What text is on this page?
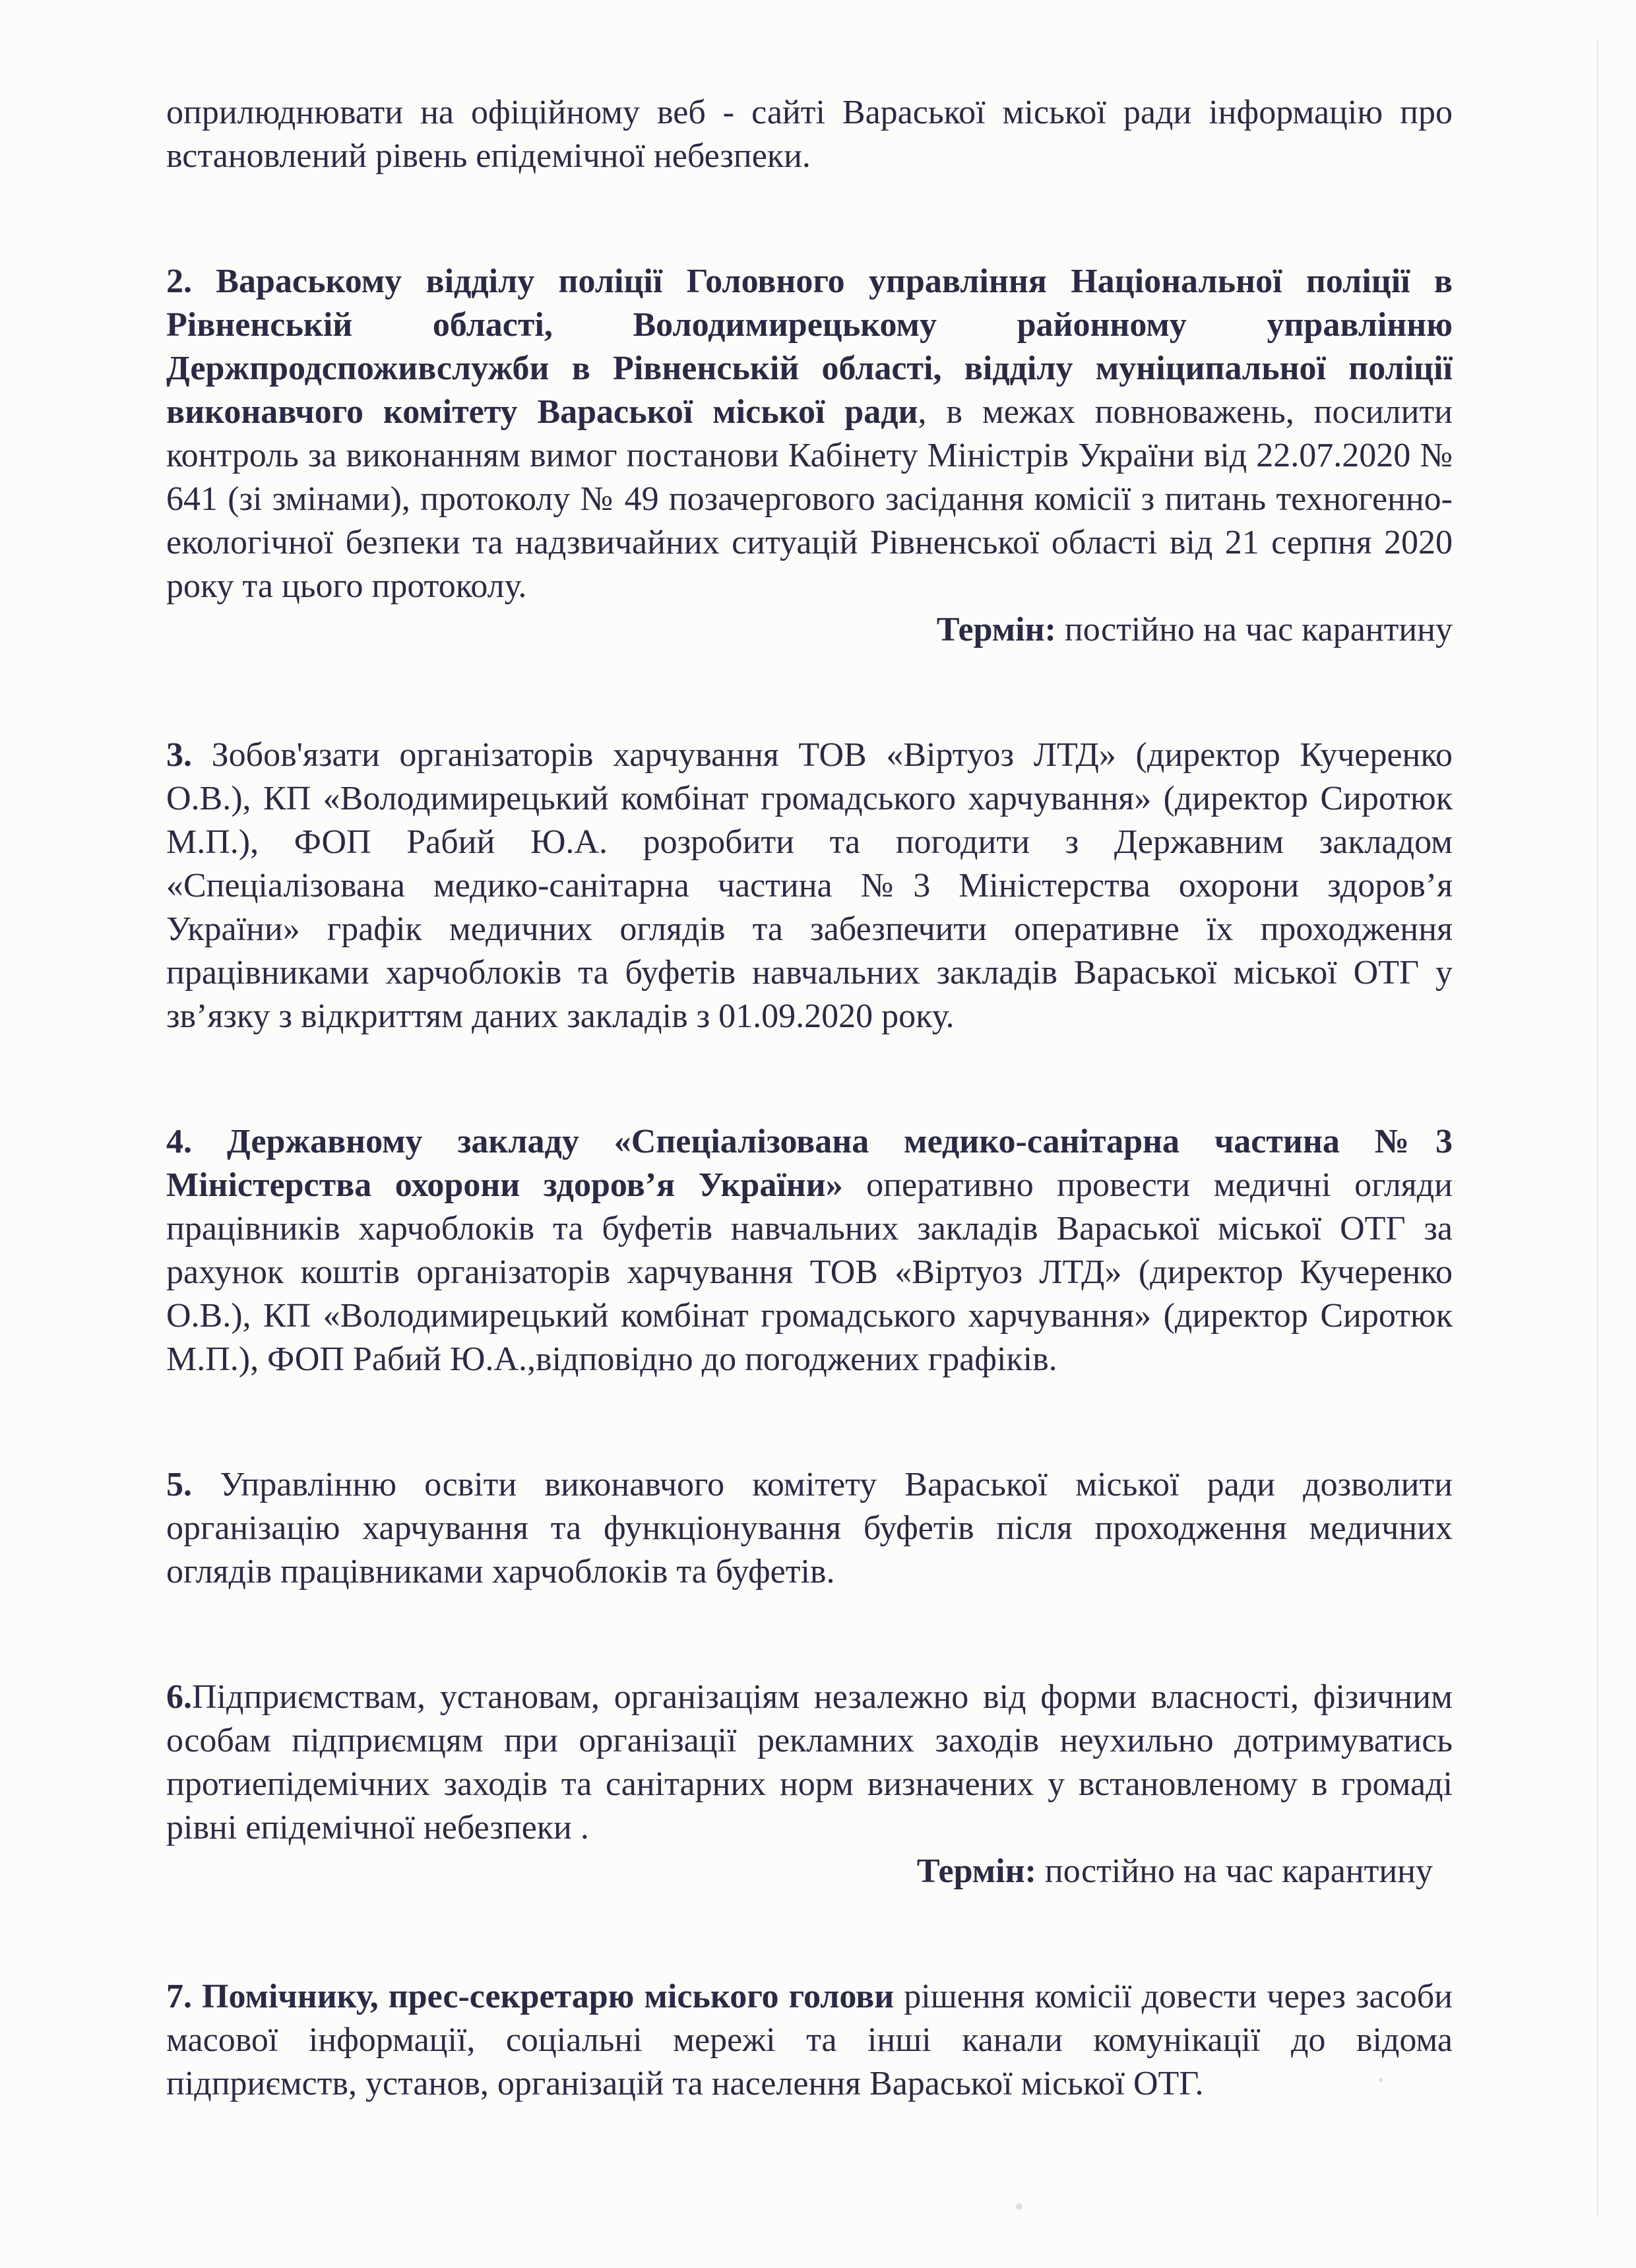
оприлюднювати на офіційному веб - сайті Вараської міської ради інформацію про встановлений рівень епідемічної небезпеки.

2. Вараському відділу поліції Головного управління Національної поліції в Рівненській області, Володимирецькому районному управлінню Держпродспоживслужби в Рівненській області, відділу муніципальної поліції виконавчого комітету Вараської міської ради, в межах повноважень, посилити контроль за виконанням вимог постанови Кабінету Міністрів України від 22.07.2020 № 641 (зі змінами), протоколу № 49 позачергового засідання комісії з питань техногенно-екологічної безпеки та надзвичайних ситуацій Рівненської області від 21 серпня 2020 року та цього протоколу.

Термін: постійно на час карантину

3. Зобов'язати організаторів харчування ТОВ «Віртуоз ЛТД» (директор Кучеренко О.В.), КП «Володимирецький комбінат громадського харчування» (директор Сиротюк М.П.), ФОП Рабий Ю.А. розробити та погодити з Державним закладом «Спеціалізована медико-санітарна частина №3 Міністерства охорони здоров’я України» графік медичних оглядів та забезпечити оперативне їх проходження працівниками харчоблоків та буфетів навчальних закладів Вараської міської ОТГ у зв’язку з відкриттям даних закладів з 01.09.2020 року.

4. Державному закладу «Спеціалізована медико-санітарна частина №3 Міністерства охорони здоров’я України» оперативно провести медичні огляди працівників харчоблоків та буфетів навчальних закладів Вараської міської ОТГ за рахунок коштів організаторів харчування ТОВ «Віртуоз ЛТД» (директор Кучеренко О.В.), КП «Володимирецький комбінат громадського харчування» (директор Сиротюк М.П.), ФОП Рабий Ю.А.,відповідно до погоджених графіків.

5. Управлінню освіти виконавчого комітету Вараської міської ради дозволити організацію харчування та функціонування буфетів після проходження медичних оглядів працівниками харчоблоків та буфетів.

6.Підприємствам, установам, організаціям незалежно від форми власності, фізичним особам підприємцям при організації рекламних заходів неухильно дотримуватись протиепідемічних заходів та санітарних норм визначених у встановленому в громаді рівні епідемічної небезпеки .

Термін: постійно на час карантину

7. Помічнику, прес-секретарю міського голови рішення комісії довести через засоби масової інформації, соціальні мережі та інші канали комунікації до відома підприємств, установ, організацій та населення Вараської міської ОТГ.
